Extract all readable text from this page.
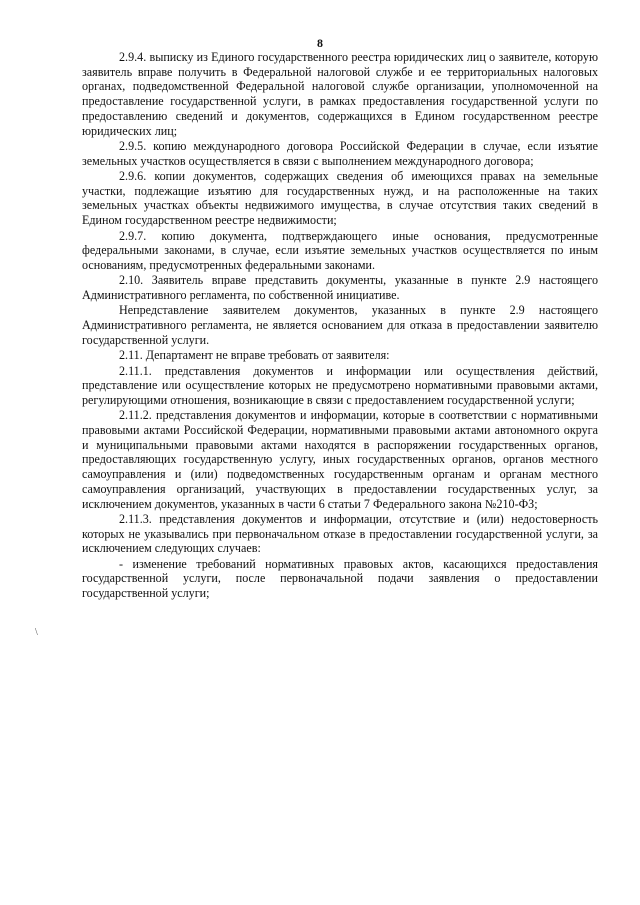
8
\

2.9.4. выписку из Единого государственного реестра юридических лиц о заявителе, которую заявитель вправе получить в Федеральной налоговой службе и ее территориальных налоговых органах, подведомственной Федеральной налоговой службе организации, уполномоченной на предоставление государственной услуги, в рамках предоставления государственной услуги по предоставлению сведений и документов, содержащихся в Едином государственном реестре юридических лиц;

2.9.5. копию международного договора Российской Федерации в случае, если изъятие земельных участков осуществляется в связи с выполнением международного договора;

2.9.6. копии документов, содержащих сведения об имеющихся правах на земельные участки, подлежащие изъятию для государственных нужд, и на расположенные на таких земельных участках объекты недвижимого имущества, в случае отсутствия таких сведений в Едином государственном реестре недвижимости;

2.9.7. копию документа, подтверждающего иные основания, предусмотренные федеральными законами, в случае, если изъятие земельных участков осуществляется по иным основаниям, предусмотренных федеральными законами.

2.10. Заявитель вправе представить документы, указанные в пункте 2.9 настоящего Административного регламента, по собственной инициативе.

Непредставление заявителем документов, указанных в пункте 2.9 настоящего Административного регламента, не является основанием для отказа в предоставлении заявителю государственной услуги.

2.11. Департамент не вправе требовать от заявителя:

2.11.1. представления документов и информации или осуществления действий, представление или осуществление которых не предусмотрено нормативными правовыми актами, регулирующими отношения, возникающие в связи с предоставлением государственной услуги;

2.11.2. представления документов и информации, которые в соответствии с нормативными правовыми актами Российской Федерации, нормативными правовыми актами автономного округа и муниципальными правовыми актами находятся в распоряжении государственных органов, предоставляющих государственную услугу, иных государственных органов, органов местного самоуправления и (или) подведомственных государственным органам и органам местного самоуправления организаций, участвующих в предоставлении государственных услуг, за исключением документов, указанных в части 6 статьи 7 Федерального закона №210-ФЗ;

2.11.3. представления документов и информации, отсутствие и (или) недостоверность которых не указывались при первоначальном отказе в предоставлении государственной услуги, за исключением следующих случаев:

- изменение требований нормативных правовых актов, касающихся предоставления государственной услуги, после первоначальной подачи заявления о предоставлении государственной услуги;
